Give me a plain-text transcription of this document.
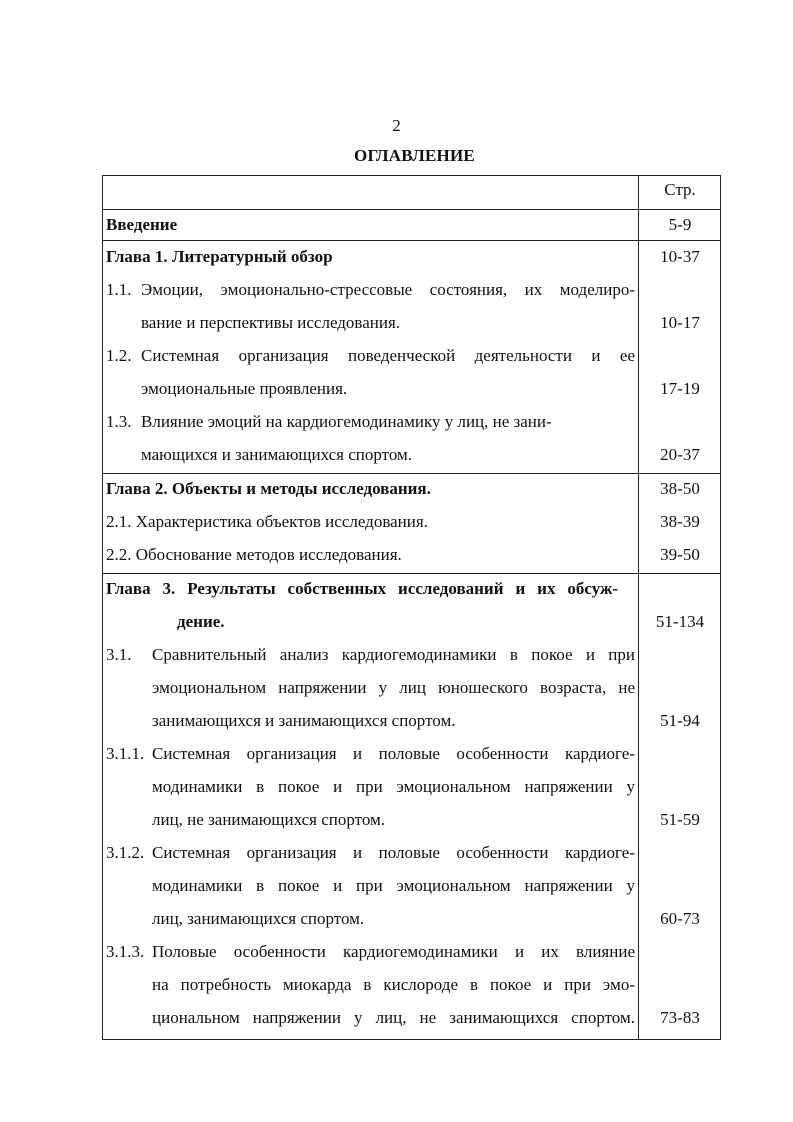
2
ОГЛАВЛЕНИЕ
Стр.
Введение	5-9
Глава 1. Литературный обзор	10-37
1.1. Эмоции, эмоционально-стрессовые состояния, их моделиро-
вание и перспективы исследования.	10-17
1.2. Системная организация поведенческой деятельности и ее
эмоциональные проявления.	17-19
1.3. Влияние эмоций на кардиогемодинамику у лиц, не зани-
мающихся и занимающихся спортом.	20-37
Глава 2. Объекты и методы исследования.	38-50
2.1. Характеристика объектов исследования.	38-39
2.2. Обоснование методов исследования.	39-50
Глава 3. Результаты собственных исследований и их обсуж-
дение.	51-134
3.1. Сравнительный анализ кардиогемодинамики в покое и при
эмоциональном напряжении у лиц юношеского возраста, не
занимающихся и занимающихся спортом.	51-94
3.1.1. Системная организация и половые особенности кардиоге-
модинамики в покое и при эмоциональном напряжении у
лиц, не занимающихся спортом.	51-59
3.1.2. Системная организация и половые особенности кардиоге-
модинамики в покое и при эмоциональном напряжении у
лиц, занимающихся спортом.	60-73
3.1.3. Половые особенности кардиогемодинамики и их влияние
на потребность миокарда в кислороде в покое и при эмо-
циональном напряжении у лиц, не занимающихся спортом.	73-83
